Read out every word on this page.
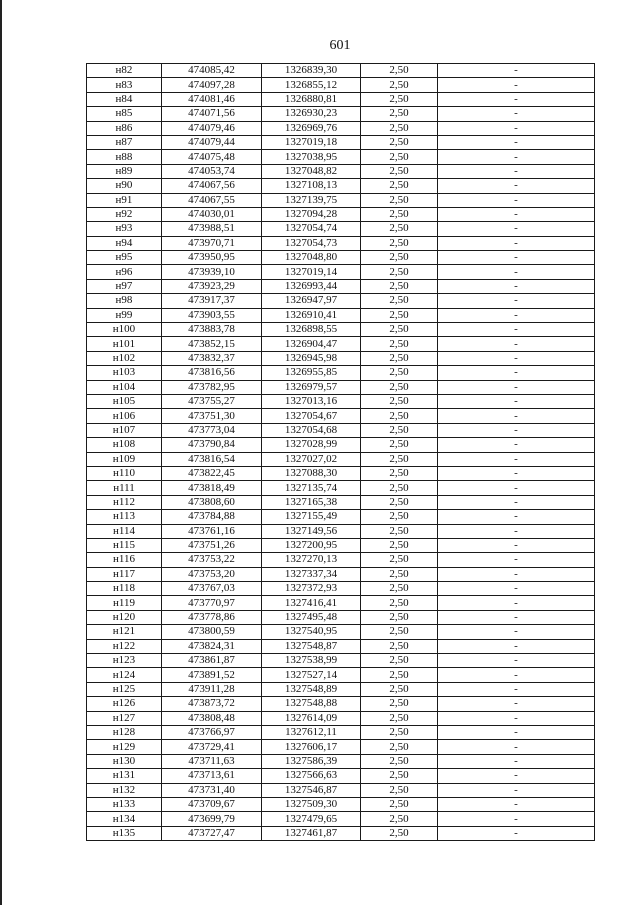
601
н82	474085,42	1326839,30	2,50	-
н83	474097,28	1326855,12	2,50	-
н84	474081,46	1326880,81	2,50	-
н85	474071,56	1326930,23	2,50	-
н86	474079,46	1326969,76	2,50	-
н87	474079,44	1327019,18	2,50	-
н88	474075,48	1327038,95	2,50	-
н89	474053,74	1327048,82	2,50	-
н90	474067,56	1327108,13	2,50	-
н91	474067,55	1327139,75	2,50	-
н92	474030,01	1327094,28	2,50	-
н93	473988,51	1327054,74	2,50	-
н94	473970,71	1327054,73	2,50	-
н95	473950,95	1327048,80	2,50	-
н96	473939,10	1327019,14	2,50	-
н97	473923,29	1326993,44	2,50	-
н98	473917,37	1326947,97	2,50	-
н99	473903,55	1326910,41	2,50	-
н100	473883,78	1326898,55	2,50	-
н101	473852,15	1326904,47	2,50	-
н102	473832,37	1326945,98	2,50	-
н103	473816,56	1326955,85	2,50	-
н104	473782,95	1326979,57	2,50	-
н105	473755,27	1327013,16	2,50	-
н106	473751,30	1327054,67	2,50	-
н107	473773,04	1327054,68	2,50	-
н108	473790,84	1327028,99	2,50	-
н109	473816,54	1327027,02	2,50	-
н110	473822,45	1327088,30	2,50	-
н111	473818,49	1327135,74	2,50	-
н112	473808,60	1327165,38	2,50	-
н113	473784,88	1327155,49	2,50	-
н114	473761,16	1327149,56	2,50	-
н115	473751,26	1327200,95	2,50	-
н116	473753,22	1327270,13	2,50	-
н117	473753,20	1327337,34	2,50	-
н118	473767,03	1327372,93	2,50	-
н119	473770,97	1327416,41	2,50	-
н120	473778,86	1327495,48	2,50	-
н121	473800,59	1327540,95	2,50	-
н122	473824,31	1327548,87	2,50	-
н123	473861,87	1327538,99	2,50	-
н124	473891,52	1327527,14	2,50	-
н125	473911,28	1327548,89	2,50	-
н126	473873,72	1327548,88	2,50	-
н127	473808,48	1327614,09	2,50	-
н128	473766,97	1327612,11	2,50	-
н129	473729,41	1327606,17	2,50	-
н130	473711,63	1327586,39	2,50	-
н131	473713,61	1327566,63	2,50	-
н132	473731,40	1327546,87	2,50	-
н133	473709,67	1327509,30	2,50	-
н134	473699,79	1327479,65	2,50	-
н135	473727,47	1327461,87	2,50	-
